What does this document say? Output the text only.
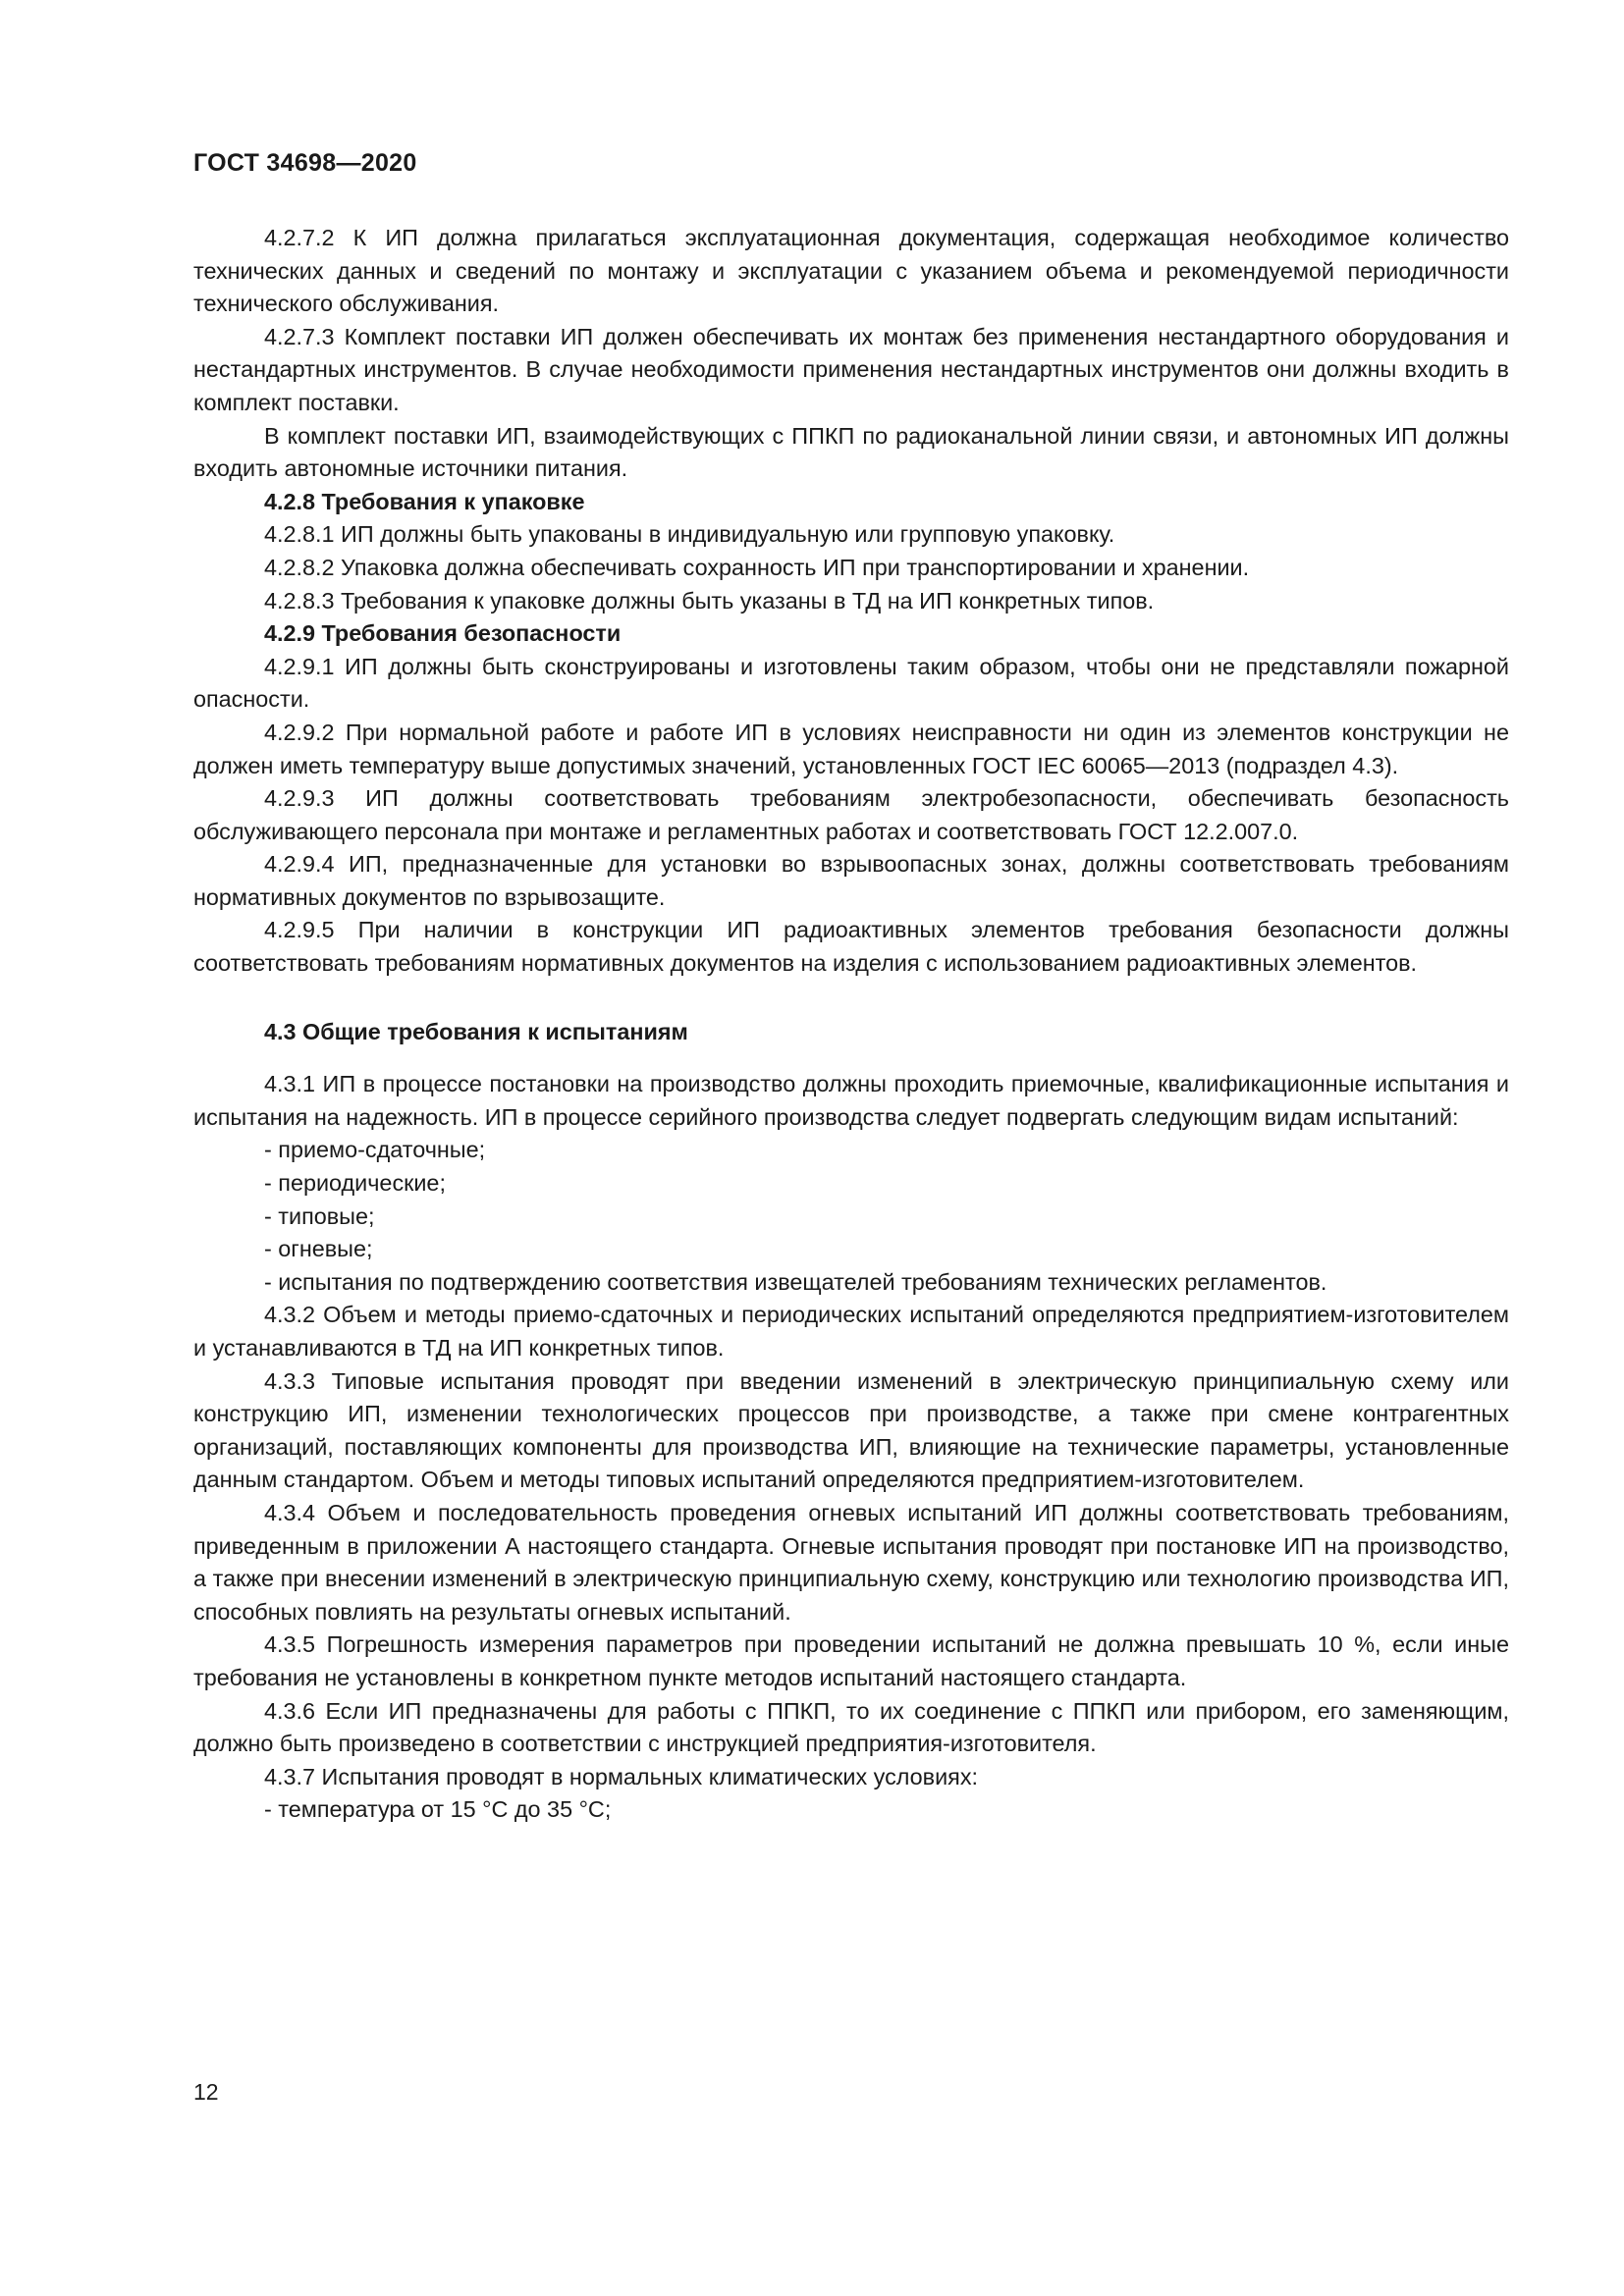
ГОСТ 34698—2020

4.2.7.2 К ИП должна прилагаться эксплуатационная документация, содержащая необходимое количество технических данных и сведений по монтажу и эксплуатации с указанием объема и рекомендуемой периодичности технического обслуживания.

4.2.7.3 Комплект поставки ИП должен обеспечивать их монтаж без применения нестандартного оборудования и нестандартных инструментов. В случае необходимости применения нестандартных инструментов они должны входить в комплект поставки.

В комплект поставки ИП, взаимодействующих с ППКП по радиоканальной линии связи, и автономных ИП должны входить автономные источники питания.

4.2.8 Требования к упаковке

4.2.8.1 ИП должны быть упакованы в индивидуальную или групповую упаковку.

4.2.8.2 Упаковка должна обеспечивать сохранность ИП при транспортировании и хранении.

4.2.8.3 Требования к упаковке должны быть указаны в ТД на ИП конкретных типов.

4.2.9 Требования безопасности

4.2.9.1 ИП должны быть сконструированы и изготовлены таким образом, чтобы они не представляли пожарной опасности.

4.2.9.2 При нормальной работе и работе ИП в условиях неисправности ни один из элементов конструкции не должен иметь температуру выше допустимых значений, установленных ГОСТ IEC 60065—2013 (подраздел 4.3).

4.2.9.3 ИП должны соответствовать требованиям электробезопасности, обеспечивать безопасность обслуживающего персонала при монтаже и регламентных работах и соответствовать ГОСТ 12.2.007.0.

4.2.9.4 ИП, предназначенные для установки во взрывоопасных зонах, должны соответствовать требованиям нормативных документов по взрывозащите.

4.2.9.5 При наличии в конструкции ИП радиоактивных элементов требования безопасности должны соответствовать требованиям нормативных документов на изделия с использованием радиоактивных элементов.

4.3 Общие требования к испытаниям

4.3.1 ИП в процессе постановки на производство должны проходить приемочные, квалификационные испытания и испытания на надежность. ИП в процессе серийного производства следует подвергать следующим видам испытаний:

- приемо-сдаточные;

- периодические;

- типовые;

- огневые;

- испытания по подтверждению соответствия извещателей требованиям технических регламентов.

4.3.2 Объем и методы приемо-сдаточных и периодических испытаний определяются предприятием-изготовителем и устанавливаются в ТД на ИП конкретных типов.

4.3.3 Типовые испытания проводят при введении изменений в электрическую принципиальную схему или конструкцию ИП, изменении технологических процессов при производстве, а также при смене контрагентных организаций, поставляющих компоненты для производства ИП, влияющие на технические параметры, установленные данным стандартом. Объем и методы типовых испытаний определяются предприятием-изготовителем.

4.3.4 Объем и последовательность проведения огневых испытаний ИП должны соответствовать требованиям, приведенным в приложении А настоящего стандарта. Огневые испытания проводят при постановке ИП на производство, а также при внесении изменений в электрическую принципиальную схему, конструкцию или технологию производства ИП, способных повлиять на результаты огневых испытаний.

4.3.5 Погрешность измерения параметров при проведении испытаний не должна превышать 10 %, если иные требования не установлены в конкретном пункте методов испытаний настоящего стандарта.

4.3.6 Если ИП предназначены для работы с ППКП, то их соединение с ППКП или прибором, его заменяющим, должно быть произведено в соответствии с инструкцией предприятия-изготовителя.

4.3.7 Испытания проводят в нормальных климатических условиях:

- температура от 15 °С до 35 °С;

12
